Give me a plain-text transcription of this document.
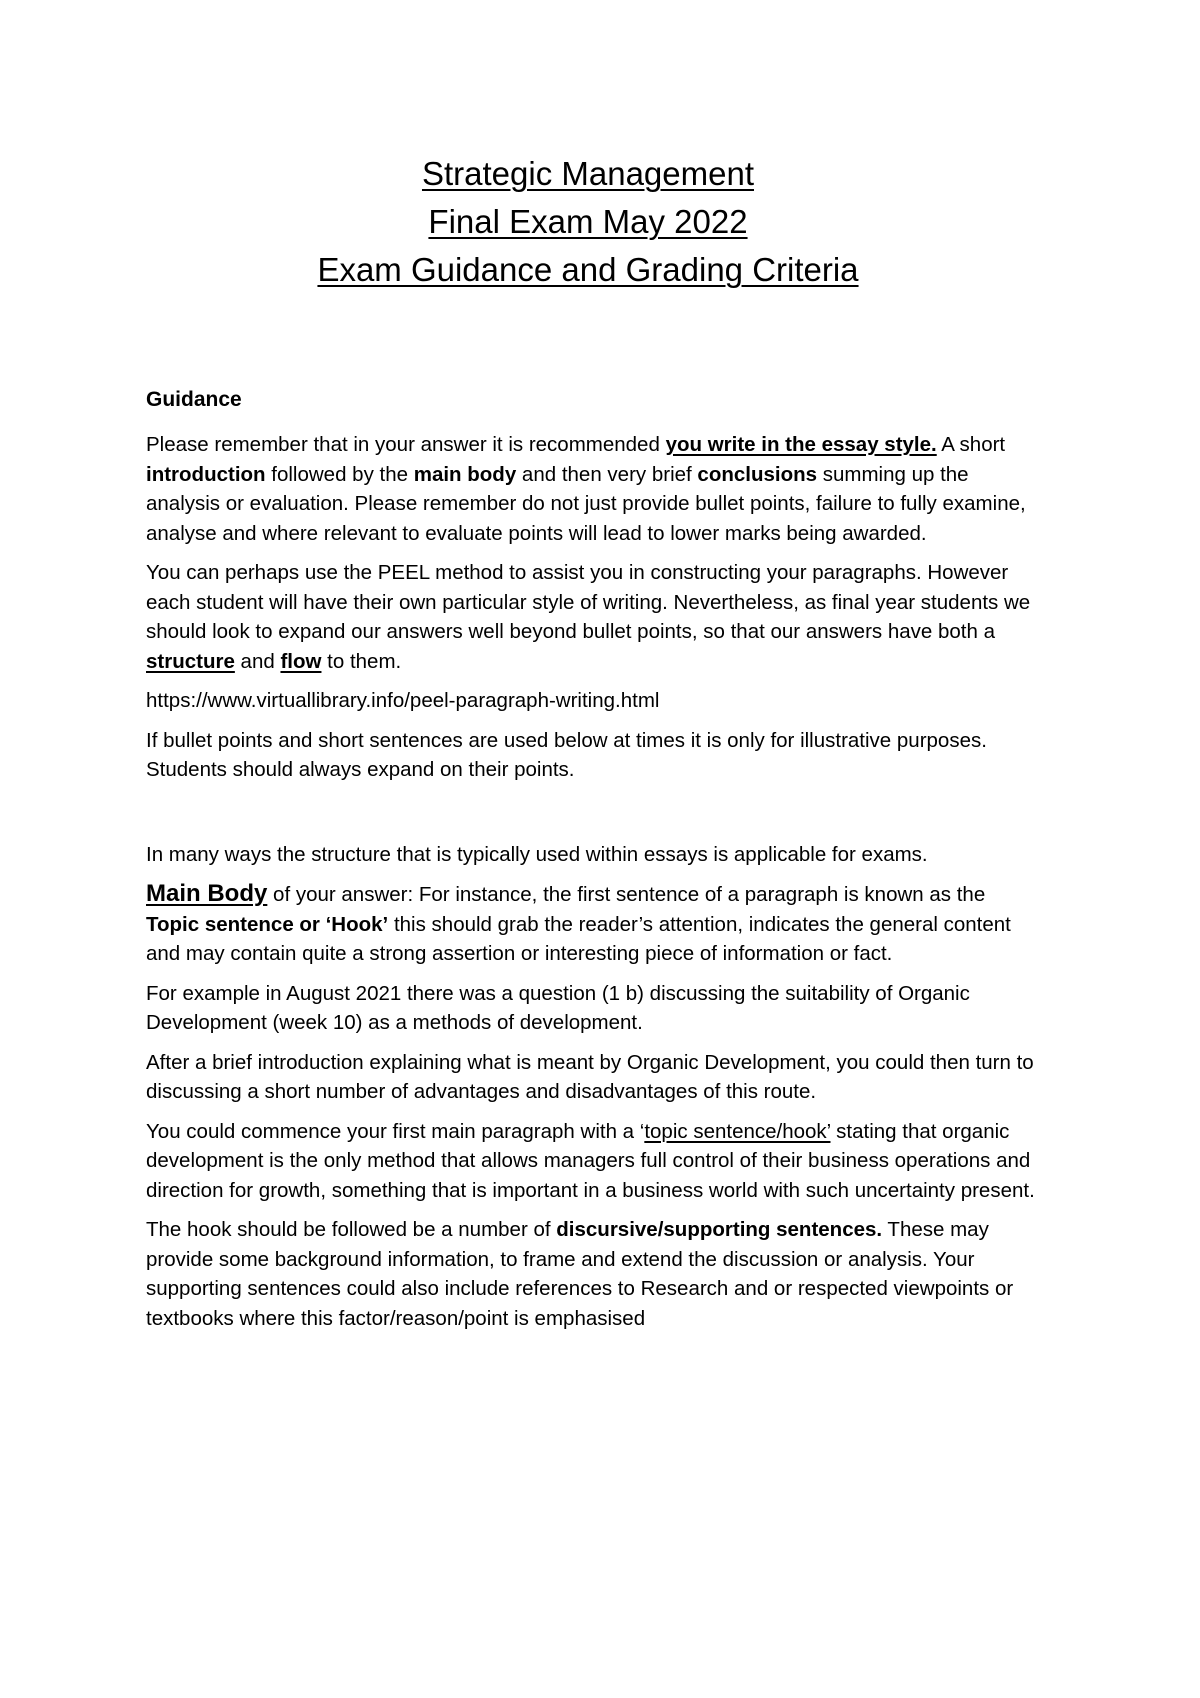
Strategic Management
Final Exam May 2022
Exam Guidance and Grading Criteria
Guidance

Please remember that in your answer it is recommended you write in the essay style. A short introduction followed by the main body and then very brief conclusions summing up the analysis or evaluation. Please remember do not just provide bullet points, failure to fully examine, analyse and where relevant to evaluate points will lead to lower marks being awarded.

You can perhaps use the PEEL method to assist you in constructing your paragraphs. However each student will have their own particular style of writing. Nevertheless, as final year students we should look to expand our answers well beyond bullet points, so that our answers have both a structure and flow to them.

https://www.virtuallibrary.info/peel-paragraph-writing.html

If bullet points and short sentences are used below at times it is only for illustrative purposes. Students should always expand on their points.

In many ways the structure that is typically used within essays is applicable for exams.

Main Body of your answer: For instance, the first sentence of a paragraph is known as the Topic sentence or ‘Hook’ this should grab the reader’s attention, indicates the general content and may contain quite a strong assertion or interesting piece of information or fact.

For example in August 2021 there was a question (1 b) discussing the suitability of Organic Development (week 10) as a methods of development.

After a brief introduction explaining what is meant by Organic Development, you could then turn to discussing a short number of advantages and disadvantages of this route.

You could commence your first main paragraph with a ‘topic sentence/hook’ stating that organic development is the only method that allows managers full control of their business operations and direction for growth, something that is important in a business world with such uncertainty present.

The hook should be followed be a number of discursive/supporting sentences. These may provide some background information, to frame and extend the discussion or analysis. Your supporting sentences could also include references to Research and or respected viewpoints or textbooks where this factor/reason/point is emphasised
